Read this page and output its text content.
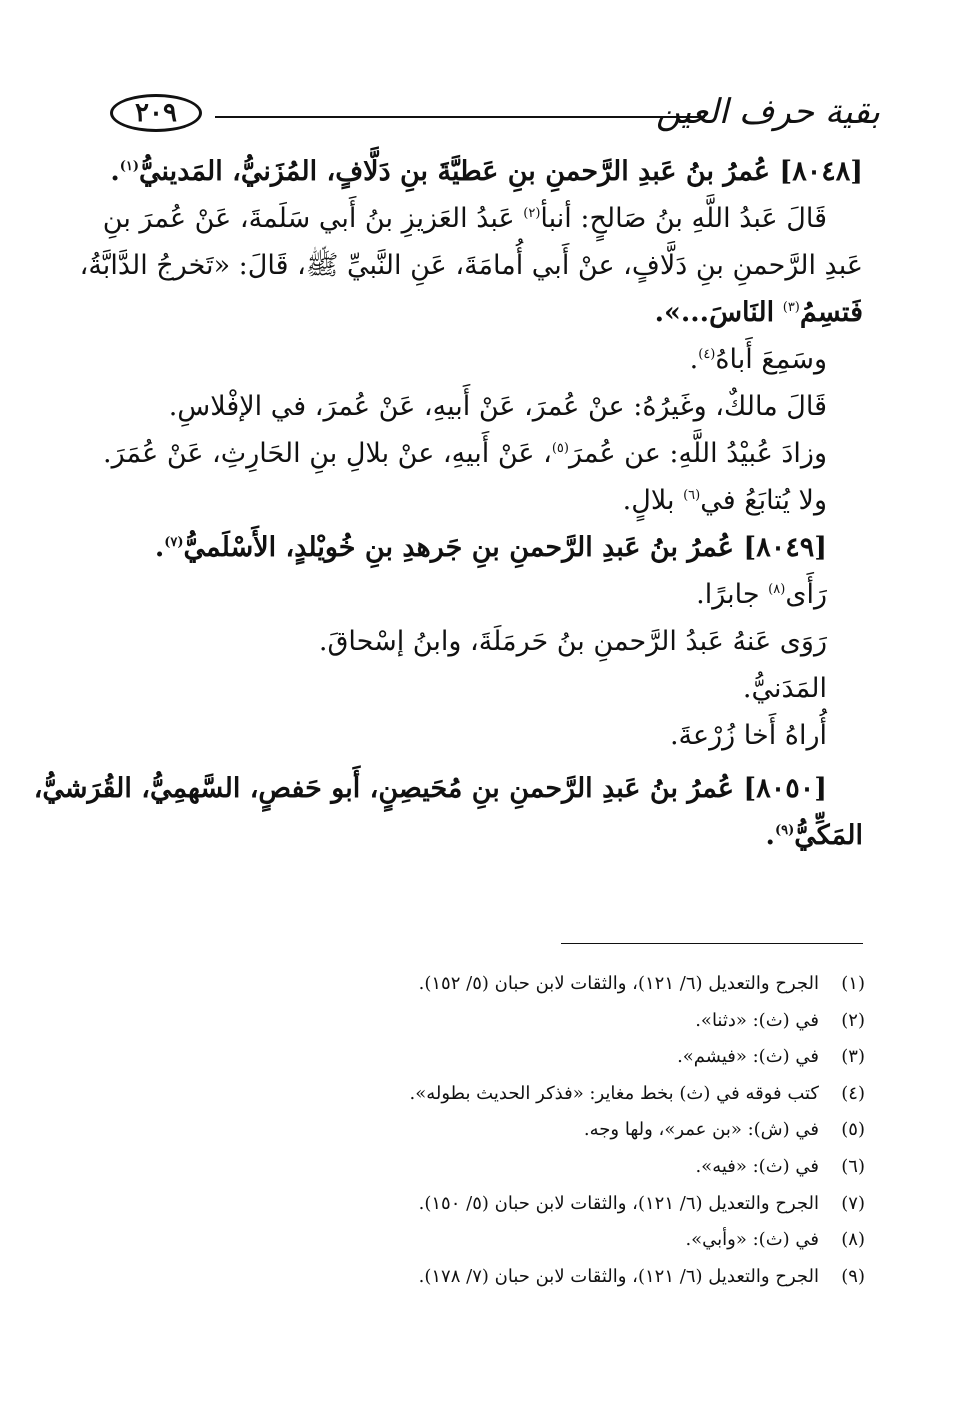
بقية حرف العين
٢٠٩
[٨٠٤٨] عُمرُ بنُ عَبدِ الرَّحمنِ بنِ عَطيَّةَ بنِ دَلَّافٍ، المُزَنيُّ، المَدينيُّ$^{(١)}$.
قَالَ عَبدُ اللَّهِ بنُ صَالحٍ: أنبأ$^{(٢)}$ عَبدُ العَزيزِ بنُ أَبي سَلَمةَ، عَنْ عُمرَ بنِ
عَبدِ الرَّحمنِ بنِ دَلَّافٍ، عنْ أَبي أُمامَةَ، عَنِ النَّبيِّ ﷺ، قَالَ: «تَخرجُ الدَّابَّةُ،
فَتسِمُ$^{(٣)}$ النَاسَ...».
وسَمِعَ أَباهُ$^{(٤)}$.
قَالَ مالكٌ، وغَيرُهُ: عنْ عُمرَ، عَنْ أَبيهِ، عَنْ عُمرَ، في الإفْلاسِ.
وزادَ عُبيْدُ اللَّهِ: عن عُمرَ$^{(٥)}$، عَنْ أَبيهِ، عنْ بلالِ بنِ الحَارِثِ، عَنْ عُمَرَ.
ولا يُتابَعُ في$^{(٦)}$ بلالٍ.
[٨٠٤٩] عُمرُ بنُ عَبدِ الرَّحمنِ بنِ جَرهدِ بنِ خُويْلدٍ، الأَسْلَميُّ$^{(٧)}$.
رَأَى$^{(٨)}$ جابرًا.
رَوَى عَنهُ عَبدُ الرَّحمنِ بنُ حَرمَلَةَ، وابنُ إسْحاقَ.
المَدَنيُّ.
أُراهُ أَخا زُرْعةَ.
[٨٠٥٠] عُمرُ بنُ عَبدِ الرَّحمنِ بنِ مُحَيصِنٍ، أَبو حَفصٍ، السَّهمِيُّ، القُرَشيُّ،
المَكِّيُّ$^{(٩)}$.
(١)
الجرح والتعديل (٦/ ١٢١)، والثقات لابن حبان (٥/ ١٥٢).
(٢)
في (ث): «دثنا».
(٣)
في (ث): «فيشم».
(٤)
كتب فوقه في (ث) بخط مغاير: «فذكر الحديث بطوله».
(٥)
في (ش): «بن عمر»، ولها وجه.
(٦)
في (ث): «فيه».
(٧)
الجرح والتعديل (٦/ ١٢١)، والثقات لابن حبان (٥/ ١٥٠).
(٨)
في (ث): «وأبي».
(٩)
الجرح والتعديل (٦/ ١٢١)، والثقات لابن حبان (٧/ ١٧٨).
